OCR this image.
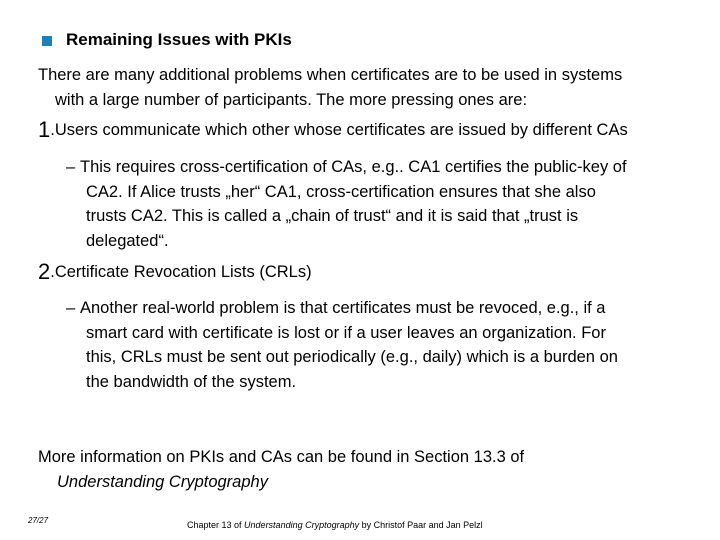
Remaining Issues with PKIs
There are many additional problems when certificates are to be used in systems
with a large number of participants. The more pressing ones are:
1.Users communicate which other whose certificates are issued by different CAs
– This requires cross-certification of CAs, e.g.. CA1 certifies the public-key of
CA2. If Alice trusts „her“ CA1, cross-certification ensures that she also
trusts CA2. This is called a „chain of trust“ and it is said that „trust is
delegated“.
2.Certificate Revocation Lists (CRLs)
– Another real-world problem is that certificates must be revoced, e.g., if a
smart card with certificate is lost or if a user leaves an organization. For
this, CRLs must be sent out periodically (e.g., daily) which is a burden on
the bandwidth of the system.
More information on PKIs and CAs can be found in Section 13.3 of
Understanding Cryptography
27/27	Chapter 13 of Understanding Cryptography by Christof Paar and Jan Pelzl
